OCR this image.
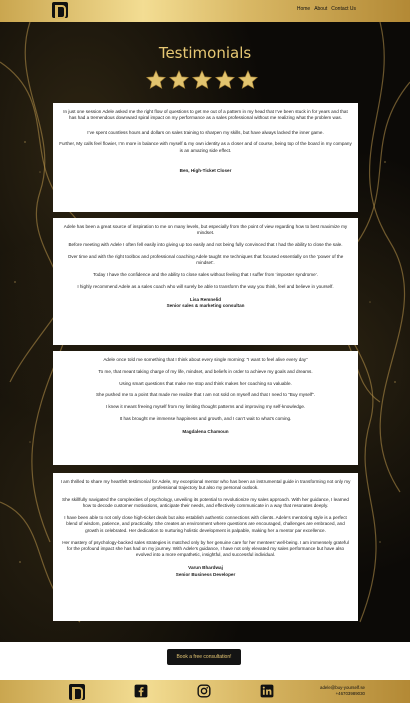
Home About Contact Us
Testimonials

In just one session Adele asked me the right flow of questions to get me out of a pattern in my head that I’ve been stuck in for years and that has had a tremendous downward spiral impact on my performance as a sales professional without me realizing what the problem was.

I’ve spent countless hours and dollars on sales training to sharpen my skills, but have always lacked the inner game.

Further, My calls feel flowier, I’m more in balance with myself & my own identity as a closer and of course, being top of the board in my company is an amazing side effect.

Ben, High-Ticket Closer

Adele has been a great source of inspiration to me on many levels, but especially from the point of view regarding how to best maximize my mindset.

Before meeting with Adele I often fell easily into giving up too easily and not being fully convinced that I had the ability to close the sale.

Over time and with the right toolbox and professional coaching Adele taught me techniques that focused essentially on the ‘power of the mindset’.

Today I have the confidence and the ability to close sales without feeling that I suffer from ‘imposter syndrome’.

I highly recommend Adele as a sales coach who will surely be able to transform the way you think, feel and believe in yourself.

Lisa Remnelid

Senior sales & marketing consultan

Adele once told me something that I think about every single morning: “I want to feel alive every day”

To me, that meant taking charge of my life, mindset, and beliefs in order to achieve my goals and dreams.

Using smart questions that make me stop and think makes her coaching so valuable.

She pushed me to a point that made me realize that I am not sold on myself and that I need to “Buy myself”.

I knew it meant freeing myself from my limiting thought patterns and improving my self-knowledge.

It has brought me immense happiness and growth, and I can’t wait to what’s coming.

Magdalena Chamoun

I am thrilled to share my heartfelt testimonial for Adele, my exceptional mentor who has been an instrumental guide in transforming not only my professional trajectory but also my personal outlook.

She skillfully navigated the complexities of psychology, unveiling its potential to revolutionize my sales approach. With her guidance, I learned how to decode customer motivations, anticipate their needs, and effectively communicate in a way that resonates deeply.

I have been able to not only close high-ticket deals but also establish authentic connections with clients. Adele’s mentoring style is a perfect blend of wisdom, patience, and practicality. She creates an environment where questions are encouraged, challenges are embraced, and growth is celebrated. Her dedication to nurturing holistic development is palpable, making her a mentor par excellence.

Her mastery of psychology-backed sales strategies is matched only by her genuine care for her mentees’ well-being. I am immensely grateful for the profound impact she has had on my journey. With Adele’s guidance, I have not only elevated my sales performance but have also evolved into a more empathetic, insightful, and successful individual.

Varun Bhardwaj

Senior Business Developer

Book a free consultation!
adele@buy-yourself.se
+46703989030
